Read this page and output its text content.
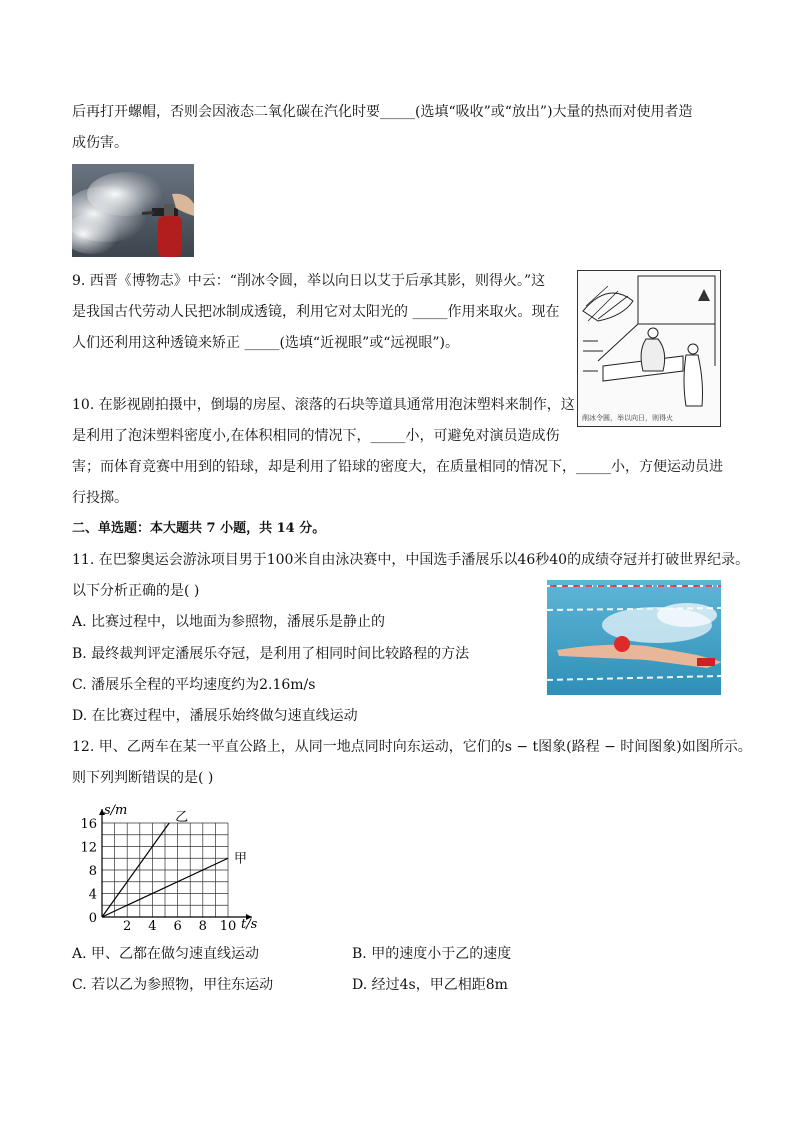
后再打开螺帽，否则会因液态二氧化碳在汽化时要_____(选填“吸收”或“放出”)大量的热而对使用者造
成伤害。
9. 西晋《博物志》中云：“削冰令圆，举以向日以艾于后承其影，则得火。”这
是我国古代劳动人民把冰制成透镜，利用它对太阳光的 _____作用来取火。现在
人们还利用这种透镜来矫正 _____(选填“近视眼”或“远视眼”)。
削冰令圆，举以向日，则得火
10. 在影视剧拍摄中，倒塌的房屋、滚落的石块等道具通常用泡沫塑料来制作，这
是利用了泡沫塑料密度小,在体积相同的情况下，_____小，可避免对演员造成伤
害；而体育竞赛中用到的铅球，却是利用了铅球的密度大，在质量相同的情况下，_____小，方便运动员进
行投掷。
二、单选题：本大题共 7 小题，共 14 分。
11. 在巴黎奥运会游泳项目男于100米自由泳决赛中，中国选手潘展乐以46秒40的成绩夺冠并打破世界纪录。
以下分析正确的是( )
A. 比赛过程中，以地面为参照物，潘展乐是静止的
B. 最终裁判评定潘展乐夺冠，是利用了相同时间比较路程的方法
C. 潘展乐全程的平均速度约为2.16m/s
D. 在比赛过程中，潘展乐始终做匀速直线运动
12. 甲、乙两车在某一平直公路上，从同一地点同时向东运动，它们的s − t图象(路程 − 时间图象)如图所示。
则下列判断错误的是( )
乙
甲
2 4 6 8 10
0
4
8
12
16
s/m
t/s
A. 甲、乙都在做匀速直线运动	B. 甲的速度小于乙的速度
C. 若以乙为参照物，甲往东运动	D. 经过4s，甲乙相距8m
